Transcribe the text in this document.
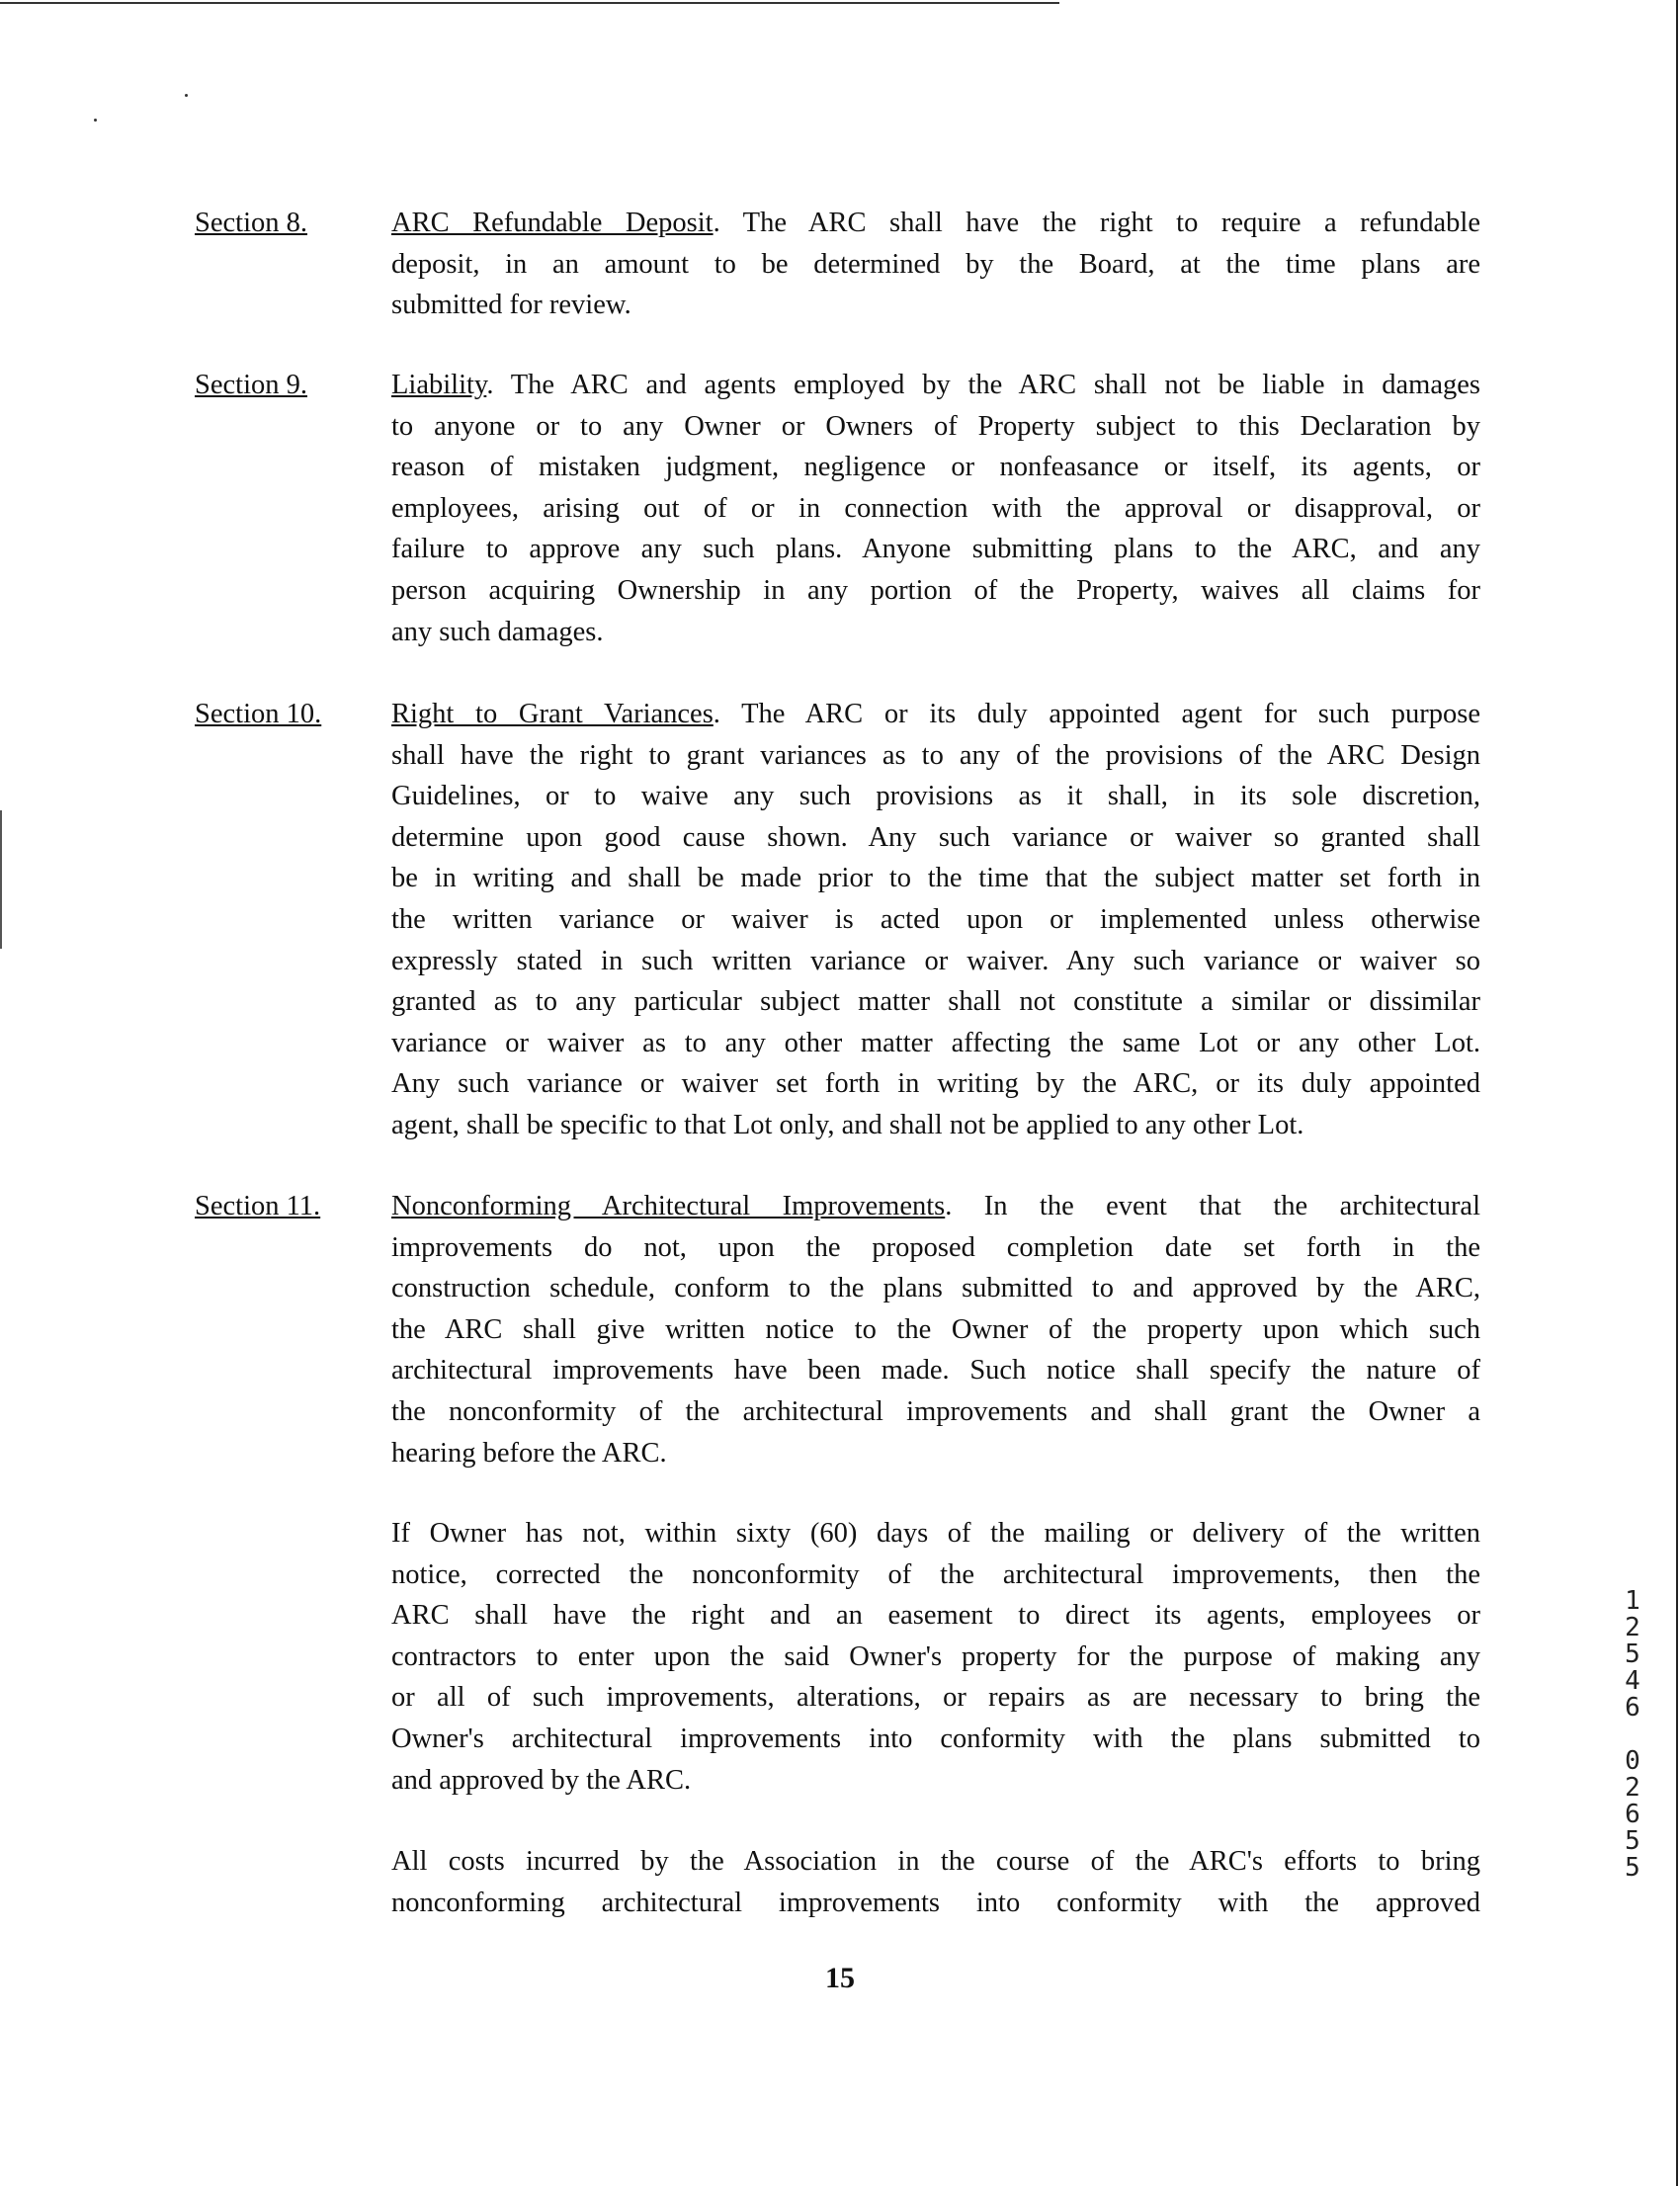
Section 8.	ARC Refundable Deposit. The ARC shall have the right to require a refundable
deposit, in an amount to be determined by the Board, at the time plans are
submitted for review.
Section 9.	Liability. The ARC and agents employed by the ARC shall not be liable in damages
to anyone or to any Owner or Owners of Property subject to this Declaration by
reason of mistaken judgment, negligence or nonfeasance or itself, its agents, or
employees, arising out of or in connection with the approval or disapproval, or
failure to approve any such plans. Anyone submitting plans to the ARC, and any
person acquiring Ownership in any portion of the Property, waives all claims for
any such damages.
Section 10. Right to Grant Variances. The ARC or its duly appointed agent for such purpose
shall have the right to grant variances as to any of the provisions of the ARC Design
Guidelines, or to waive any such provisions as it shall, in its sole discretion,
determine upon good cause shown. Any such variance or waiver so granted shall
be in writing and shall be made prior to the time that the subject matter set forth in
the written variance or waiver is acted upon or implemented unless otherwise
expressly stated in such written variance or waiver. Any such variance or waiver so
granted as to any particular subject matter shall not constitute a similar or dissimilar
variance or waiver as to any other matter affecting the same Lot or any other Lot.
Any such variance or waiver set forth in writing by the ARC, or its duly appointed
agent, shall be specific to that Lot only, and shall not be applied to any other Lot.
Section 11.	Nonconforming Architectural Improvements. In the event that the architectural
improvements do not, upon the proposed completion date set forth in the
construction schedule, conform to the plans submitted to and approved by the ARC,
the ARC shall give written notice to the Owner of the property upon which such
architectural improvements have been made. Such notice shall specify the nature of
the nonconformity of the architectural improvements and shall grant the Owner a
hearing before the ARC.
If Owner has not, within sixty (60) days of the mailing or delivery of the written
notice, corrected the nonconformity of the architectural improvements, then the
ARC shall have the right and an easement to direct its agents, employees or
contractors to enter upon the said Owner's property for the purpose of making any
or all of such improvements, alterations, or repairs as are necessary to bring the
Owner's architectural improvements into conformity with the plans submitted to
and approved by the ARC.
All costs incurred by the Association in the course of the ARC's efforts to bring
nonconforming architectural improvements into conformity with the approved
15
1
2
5
4
6
0
2
6
5
5
